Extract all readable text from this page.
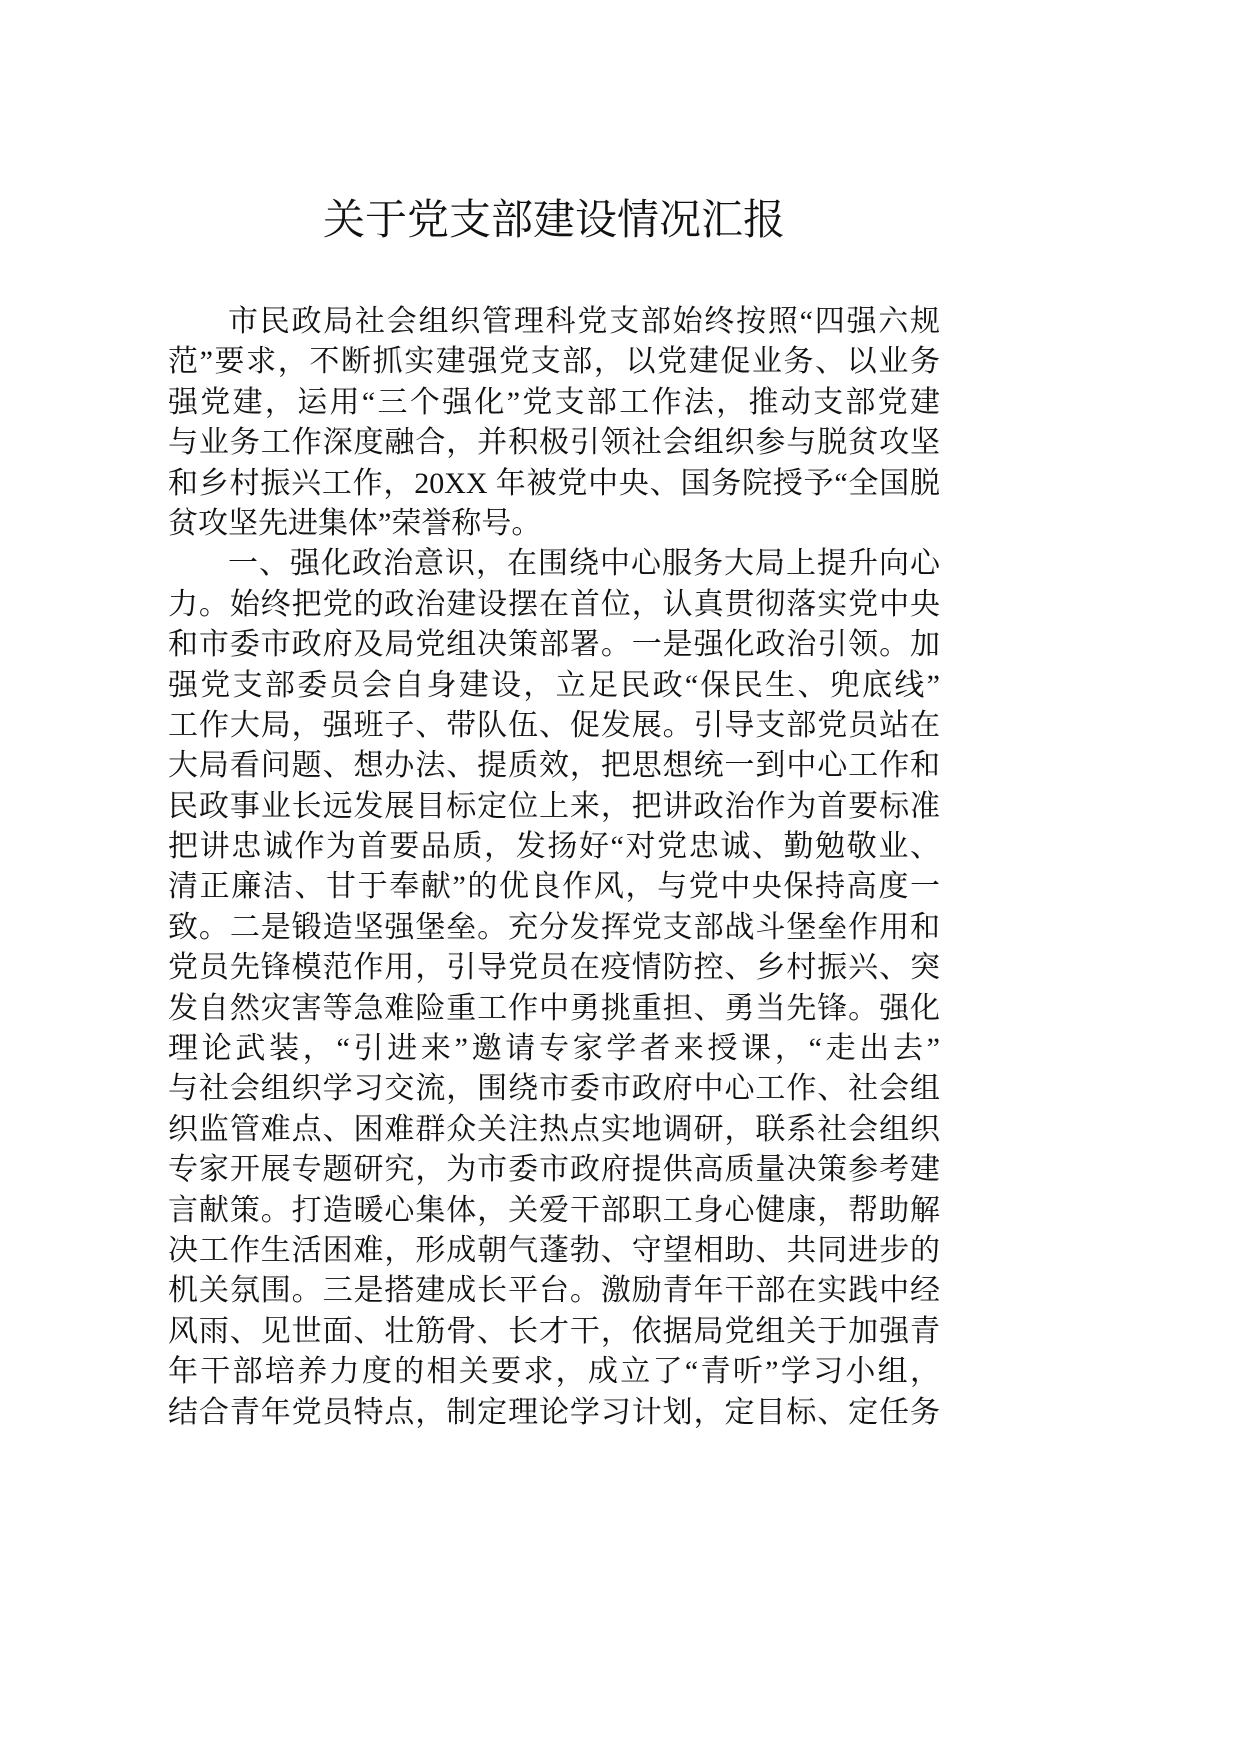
关于党支部建设情况汇报
市民政局社会组织管理科党支部始终按照“四强六规
范”要求，不断抓实建强党支部，以党建促业务、以业务
强党建，运用“三个强化”党支部工作法，推动支部党建
与业务工作深度融合，并积极引领社会组织参与脱贫攻坚
和乡村振兴工作，20XX 年被党中央、国务院授予“全国脱
贫攻坚先进集体”荣誉称号。
一、强化政治意识，在围绕中心服务大局上提升向心
力。始终把党的政治建设摆在首位，认真贯彻落实党中央
和市委市政府及局党组决策部署。一是强化政治引领。加
强党支部委员会自身建设，立足民政“保民生、兜底线”
工作大局，强班子、带队伍、促发展。引导支部党员站在
大局看问题、想办法、提质效，把思想统一到中心工作和
民政事业长远发展目标定位上来，把讲政治作为首要标准
把讲忠诚作为首要品质，发扬好“对党忠诚、勤勉敬业、
清正廉洁、甘于奉献”的优良作风，与党中央保持高度一
致。二是锻造坚强堡垒。充分发挥党支部战斗堡垒作用和
党员先锋模范作用，引导党员在疫情防控、乡村振兴、突
发自然灾害等急难险重工作中勇挑重担、勇当先锋。强化
理论武装，“引进来”邀请专家学者来授课，“走出去”
与社会组织学习交流，围绕市委市政府中心工作、社会组
织监管难点、困难群众关注热点实地调研，联系社会组织
专家开展专题研究，为市委市政府提供高质量决策参考建
言献策。打造暖心集体，关爱干部职工身心健康，帮助解
决工作生活困难，形成朝气蓬勃、守望相助、共同进步的
机关氛围。三是搭建成长平台。激励青年干部在实践中经
风雨、见世面、壮筋骨、长才干，依据局党组关于加强青
年干部培养力度的相关要求，成立了“青听”学习小组，
结合青年党员特点，制定理论学习计划，定目标、定任务
